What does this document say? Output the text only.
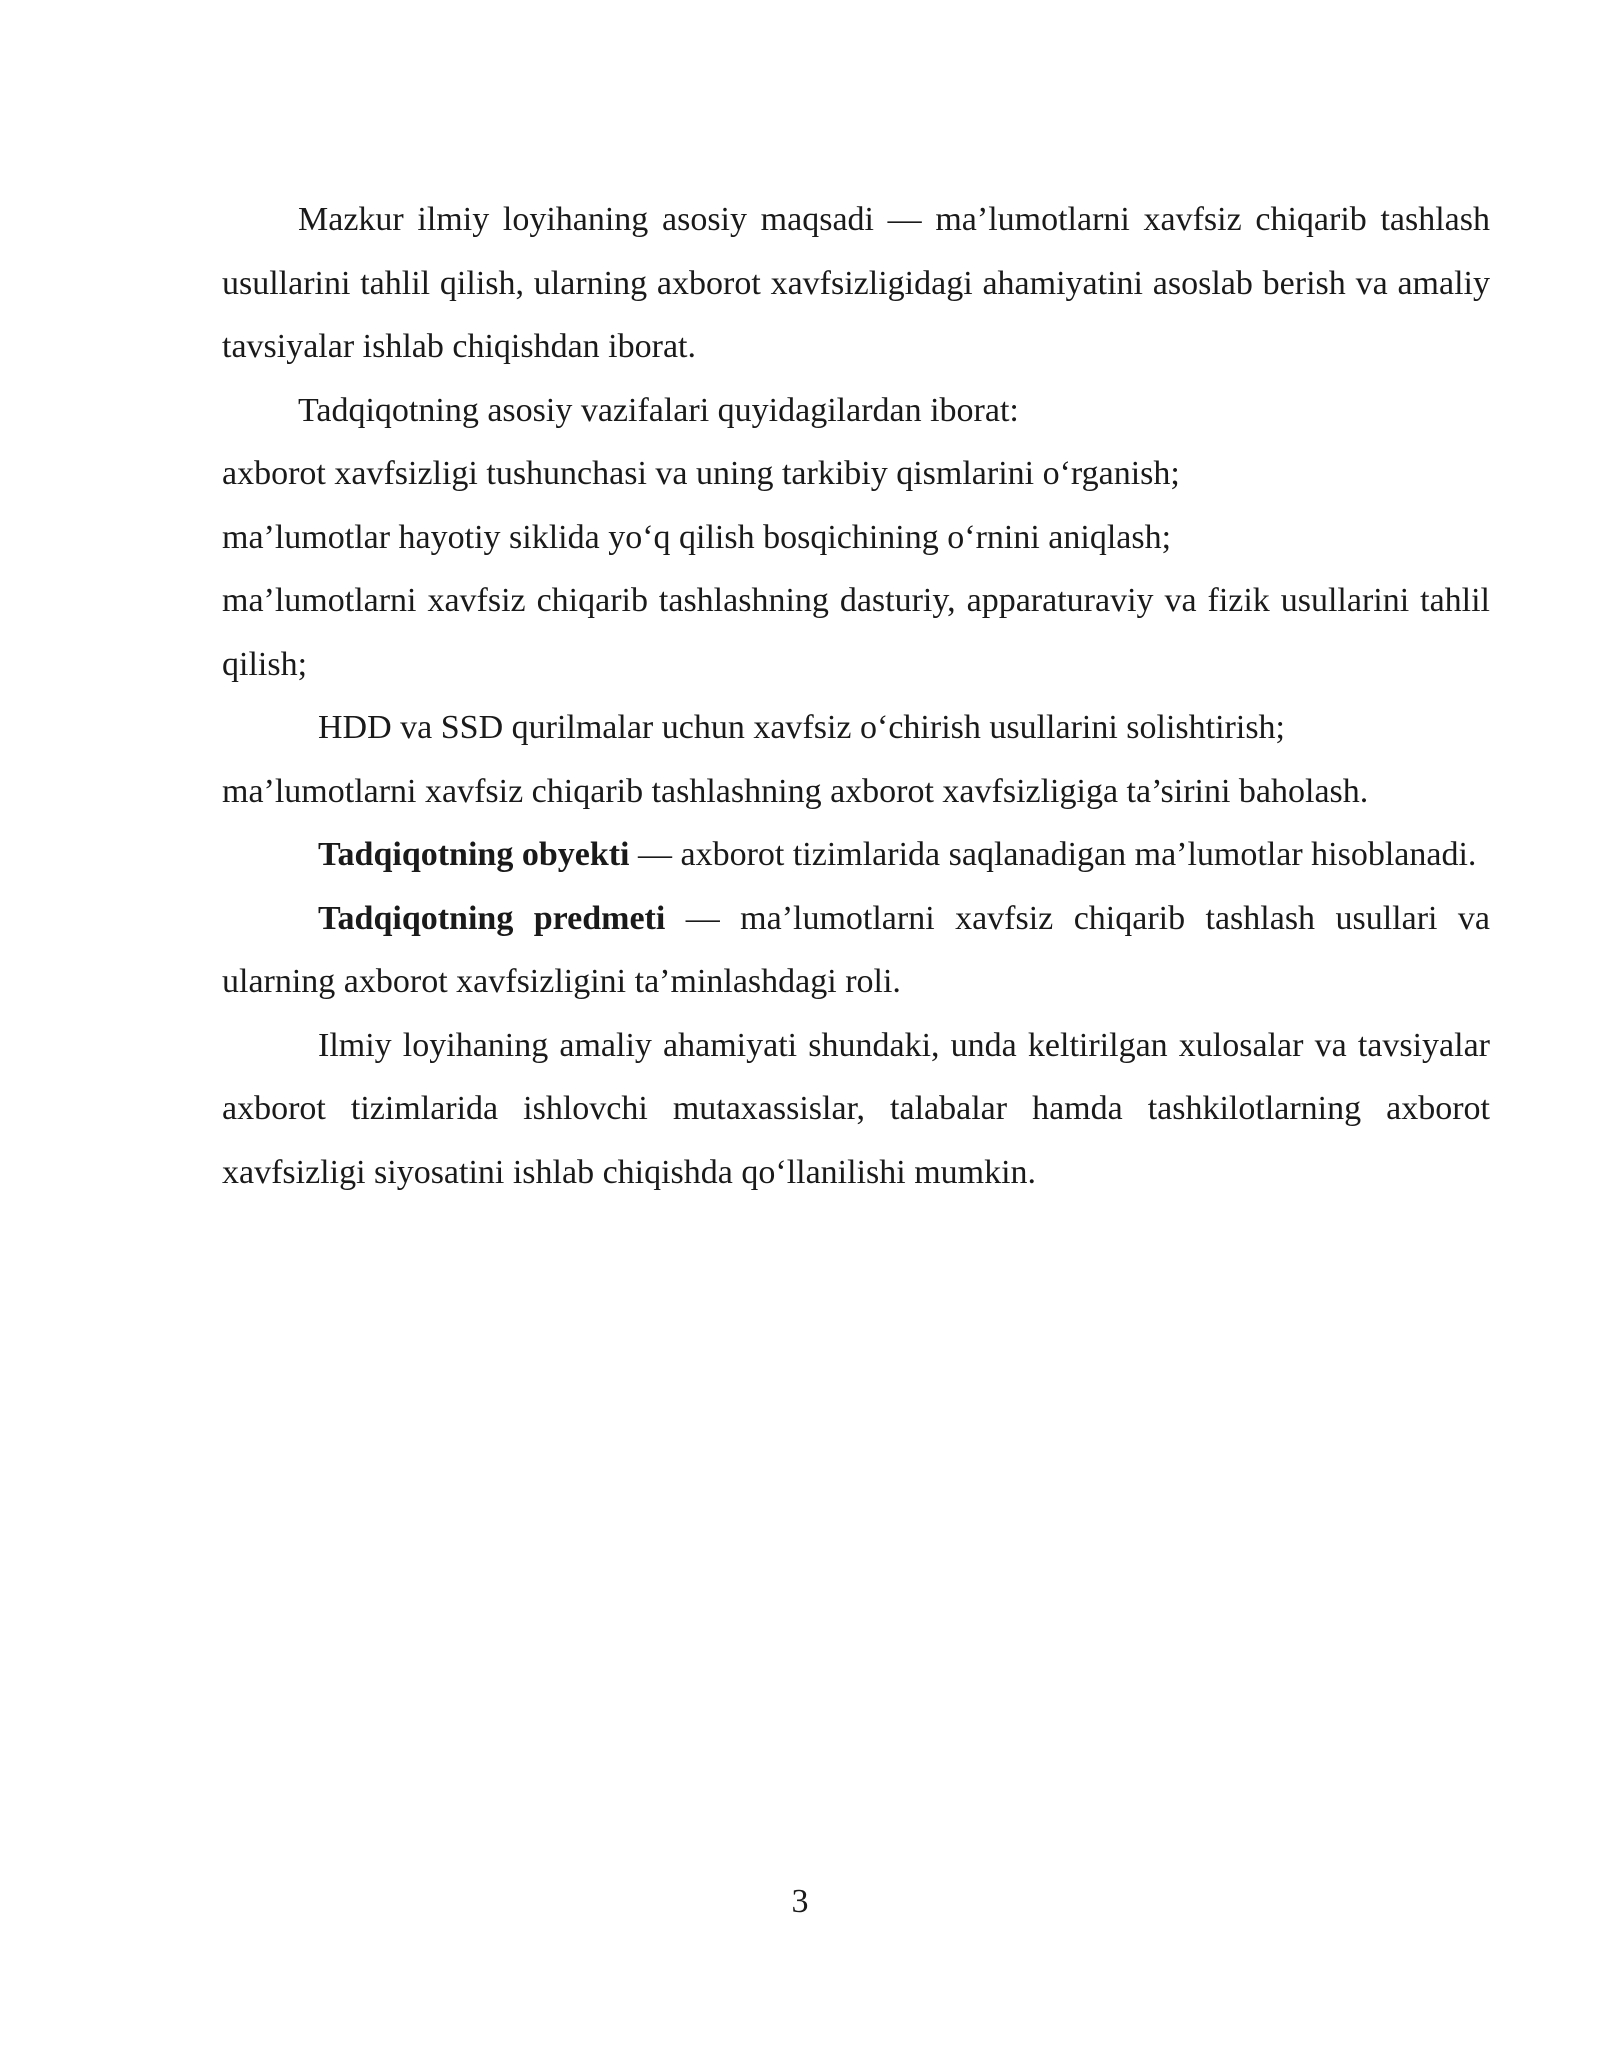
Mazkur ilmiy loyihaning asosiy maqsadi — ma’lumotlarni xavfsiz chiqarib tashlash usullarini tahlil qilish, ularning axborot xavfsizligidagi ahamiyatini asoslab berish va amaliy tavsiyalar ishlab chiqishdan iborat.

Tadqiqotning asosiy vazifalari quyidagilardan iborat:

axborot xavfsizligi tushunchasi va uning tarkibiy qismlarini o‘rganish;

ma’lumotlar hayotiy siklida yo‘q qilish bosqichining o‘rnini aniqlash;

ma’lumotlarni xavfsiz chiqarib tashlashning dasturiy, apparaturaviy va fizik usullarini tahlil qilish;

HDD va SSD qurilmalar uchun xavfsiz o‘chirish usullarini solishtirish;

ma’lumotlarni xavfsiz chiqarib tashlashning axborot xavfsizligiga ta’sirini baholash.

Tadqiqotning obyekti — axborot tizimlarida saqlanadigan ma’lumotlar hisoblanadi.

Tadqiqotning predmeti — ma’lumotlarni xavfsiz chiqarib tashlash usullari va ularning axborot xavfsizligini ta’minlashdagi roli.

Ilmiy loyihaning amaliy ahamiyati shundaki, unda keltirilgan xulosalar va tavsiyalar axborot tizimlarida ishlovchi mutaxassislar, talabalar hamda tashkilotlarning axborot xavfsizligi siyosatini ishlab chiqishda qo‘llanilishi mumkin.

3
